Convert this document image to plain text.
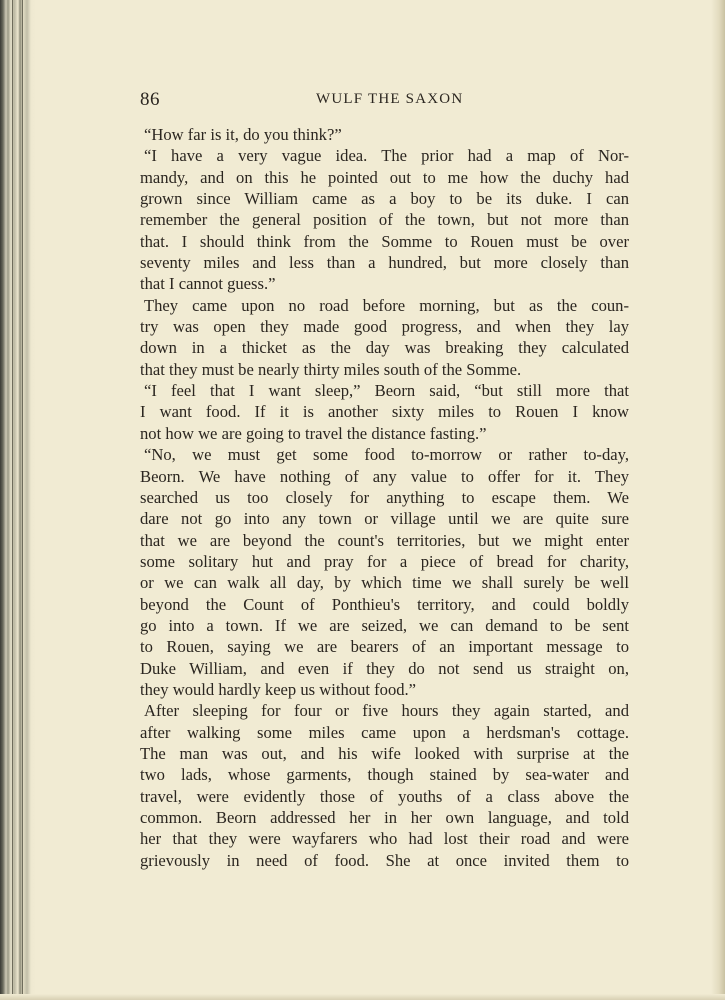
86	WULF THE SAXON
“How far is it, do you think?”
“I have a very vague idea. The prior had a map of Nor-
mandy, and on this he pointed out to me how the duchy had
grown since William came as a boy to be its duke. I can
remember the general position of the town, but not more than
that. I should think from the Somme to Rouen must be over
seventy miles and less than a hundred, but more closely than
that I cannot guess.”
They came upon no road before morning, but as the coun-
try was open they made good progress, and when they lay
down in a thicket as the day was breaking they calculated
that they must be nearly thirty miles south of the Somme.
“I feel that I want sleep,” Beorn said, “but still more that
I want food. If it is another sixty miles to Rouen I know
not how we are going to travel the distance fasting.”
“No, we must get some food to-morrow or rather to-day,
Beorn. We have nothing of any value to offer for it. They
searched us too closely for anything to escape them. We
dare not go into any town or village until we are quite sure
that we are beyond the count's territories, but we might enter
some solitary hut and pray for a piece of bread for charity,
or we can walk all day, by which time we shall surely be well
beyond the Count of Ponthieu's territory, and could boldly
go into a town. If we are seized, we can demand to be sent
to Rouen, saying we are bearers of an important message to
Duke William, and even if they do not send us straight on,
they would hardly keep us without food.”
After sleeping for four or five hours they again started, and
after walking some miles came upon a herdsman's cottage.
The man was out, and his wife looked with surprise at the
two lads, whose garments, though stained by sea-water and
travel, were evidently those of youths of a class above the
common. Beorn addressed her in her own language, and told
her that they were wayfarers who had lost their road and were
grievously in need of food. She at once invited them to
